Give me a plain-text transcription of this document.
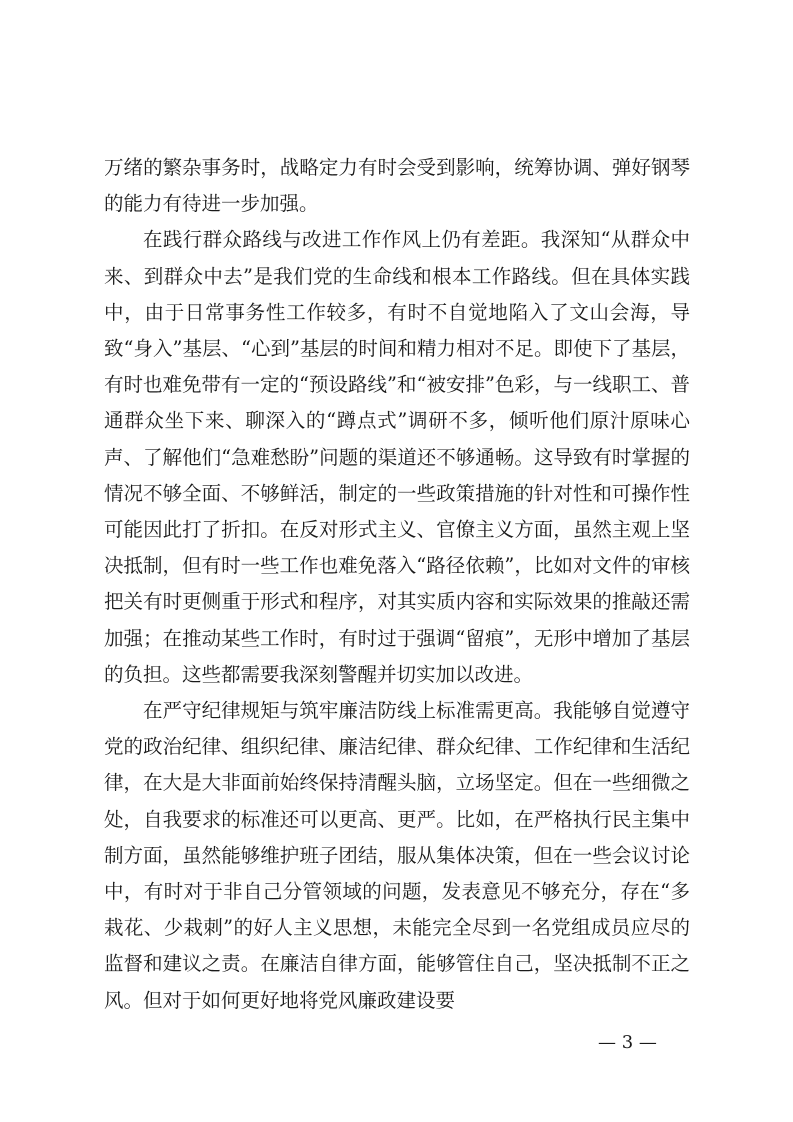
万绪的繁杂事务时，战略定力有时会受到影响，统筹协调、弹好钢琴的能力有待进一步加强。

在践行群众路线与改进工作作风上仍有差距。我深知“从群众中来、到群众中去”是我们党的生命线和根本工作路线。但在具体实践中，由于日常事务性工作较多，有时不自觉地陷入了文山会海，导致“身入”基层、“心到”基层的时间和精力相对不足。即使下了基层，有时也难免带有一定的“预设路线”和“被安排”色彩，与一线职工、普通群众坐下来、聊深入的“蹲点式”调研不多，倾听他们原汁原味心声、了解他们“急难愁盼”问题的渠道还不够通畅。这导致有时掌握的情况不够全面、不够鲜活，制定的一些政策措施的针对性和可操作性可能因此打了折扣。在反对形式主义、官僚主义方面，虽然主观上坚决抵制，但有时一些工作也难免落入“路径依赖”，比如对文件的审核把关有时更侧重于形式和程序，对其实质内容和实际效果的推敲还需加强；在推动某些工作时，有时过于强调“留痕”，无形中增加了基层的负担。这些都需要我深刻警醒并切实加以改进。

在严守纪律规矩与筑牢廉洁防线上标准需更高。我能够自觉遵守党的政治纪律、组织纪律、廉洁纪律、群众纪律、工作纪律和生活纪律，在大是大非面前始终保持清醒头脑，立场坚定。但在一些细微之处，自我要求的标准还可以更高、更严。比如，在严格执行民主集中制方面，虽然能够维护班子团结，服从集体决策，但在一些会议讨论中，有时对于非自己分管领域的问题，发表意见不够充分，存在“多栽花、少栽刺”的好人主义思想，未能完全尽到一名党组成员应尽的监督和建议之责。在廉洁自律方面，能够管住自己，坚决抵制不正之风。但对于如何更好地将党风廉政建设要

— 3 —
